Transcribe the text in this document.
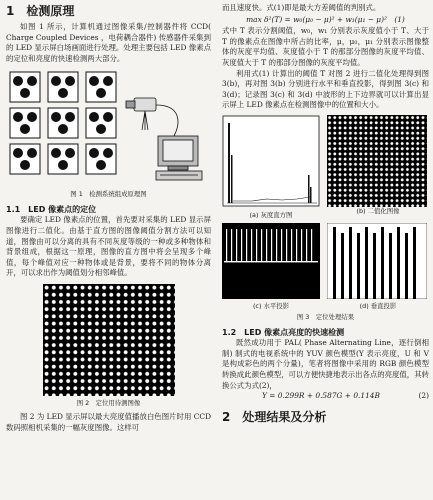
1　检测原理

如图 1 所示，计算机通过图像采集/控制器件将 CCD( Charge Coupled Devices ，电荷耦合器件) 传感器件采集到的 LED 显示屏白场画面进行处理。处理主要包括 LED 像素点的定位和亮度的快速检测两大部分。

图 1　检测系统组成原理图
1.1　LED 像素点的定位

要确定 LED 像素点的位置，首先要对采集的 LED 显示屏图像进行二值化。由基于直方图的图像阈值分割方法可以知道，图像由可以分离的具有不同灰度等级的一种或多种物体和背景组成，根据这一原理，图像的直方图中将会呈现多个峰值，每个峰值对应一种物体或是背景，要将不同的物体分离开，可以求出作为阈值划分相邻峰值。

图 2　定位用待测图像

图 2 为 LED 显示屏以最大亮度值播放白色图片时用 CCD 数码照相机采集的一幅灰度图像。这样可

而且速度快。式(1)即是最大方差阈值的判别式。

max δ²(T) = w₀(μ₀ − μ)² + w₁(μ₁ − μ)²　(1)

式中 T 表示分割阈值，w₀，w₁ 分别表示灰度值小于 T、大于 T 的像素点在图像中所占的比率，μ，μ₀，μ₁ 分别表示图像整体的灰度平均值、灰度值小于 T 的那部分图像的灰度平均值、灰度值大于 T 的那部分图像的灰度平均值。

利用式(1) 计算出的阈值 T 对图 2 进行二值化处理得到图 3(b)，再对图 3(b) 分别进行水平和垂直投影，得到图 3(c) 和 3(d)；记录图 3(c) 和 3(d) 中波形的上下边界就可以计算出显示屏上 LED 像素点在检测图像中的位置和大小。

(a) 灰度直方图	(b) 二值化图像
(c) 水平投影	(d) 垂直投影
图 3　定位处理结果
1.2　LED 像素点亮度的快速检测

既然成功用于 PAL( Phase Alternating Line，逐行倒相制) 制式的电视系统中的 YUV 颜色模型(Y 表示亮度，U 和 V 是构成彩色的两个分量)，笔者将图像中采用的 RGB 颜色模型转换成此颜色模型，可以方便快捷地表示出各点的亮度值，其转换公式为式(2)，

Y = 0.299R + 0.587G + 0.114B	(2)
2　处理结果及分析
